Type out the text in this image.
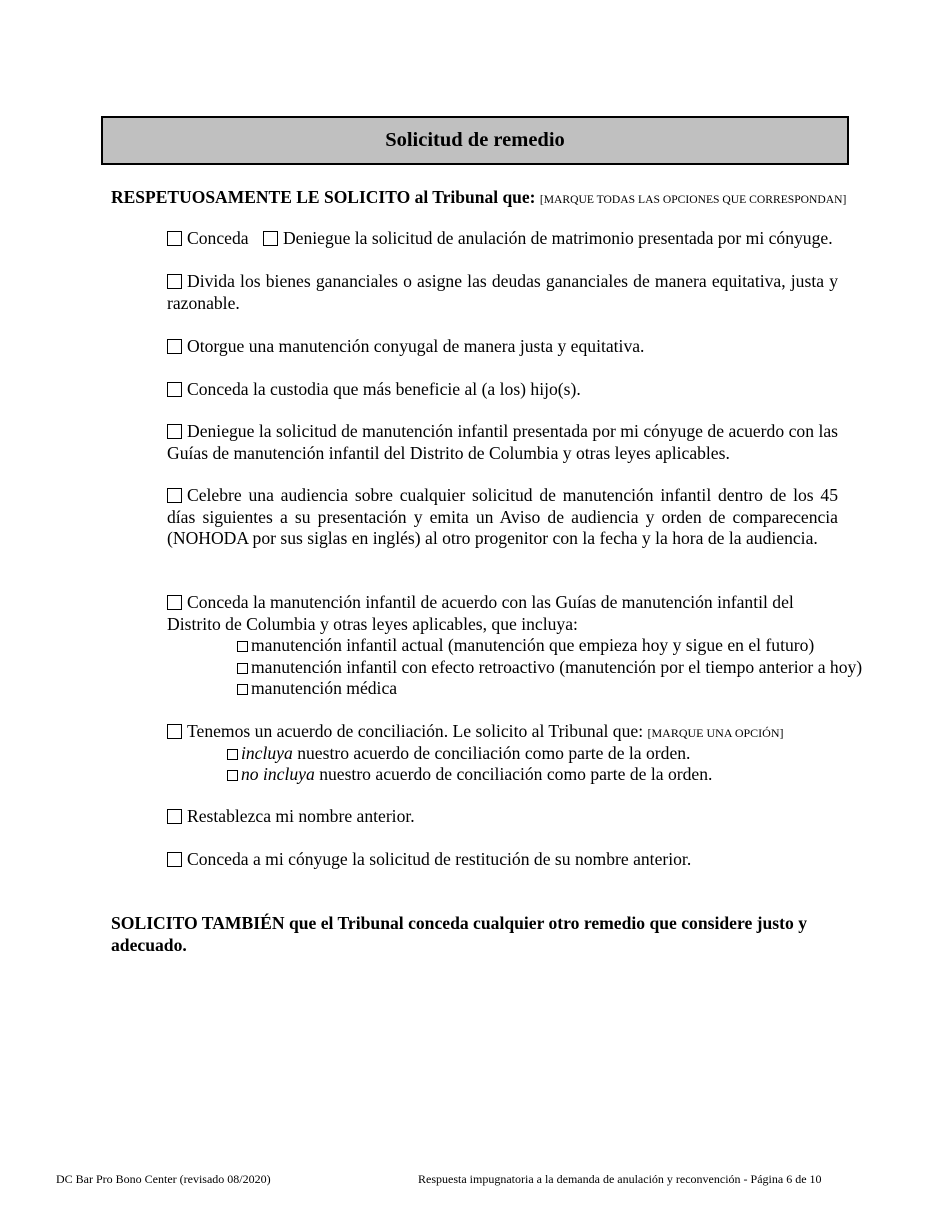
Solicitud de remedio
RESPETUOSAMENTE LE SOLICITO al Tribunal que: [MARQUE TODAS LAS OPCIONES QUE CORRESPONDAN]
Conceda Deniegue la solicitud de anulación de matrimonio presentada por mi cónyuge.
Divida los bienes gananciales o asigne las deudas gananciales de manera equitativa, justa y razonable.
Otorgue una manutención conyugal de manera justa y equitativa.
Conceda la custodia que más beneficie al (a los) hijo(s).
Deniegue la solicitud de manutención infantil presentada por mi cónyuge de acuerdo con las Guías de manutención infantil del Distrito de Columbia y otras leyes aplicables.
Celebre una audiencia sobre cualquier solicitud de manutención infantil dentro de los 45 días siguientes a su presentación y emita un Aviso de audiencia y orden de comparecencia (NOHODA por sus siglas en inglés) al otro progenitor con la fecha y la hora de la audiencia.
Conceda la manutención infantil de acuerdo con las Guías de manutención infantil del Distrito de Columbia y otras leyes aplicables, que incluya:
manutención infantil actual (manutención que empieza hoy y sigue en el futuro)
manutención infantil con efecto retroactivo (manutención por el tiempo anterior a hoy)
manutención médica
Tenemos un acuerdo de conciliación. Le solicito al Tribunal que: [MARQUE UNA OPCIÓN]
incluya nuestro acuerdo de conciliación como parte de la orden.
no incluya nuestro acuerdo de conciliación como parte de la orden.
Restablezca mi nombre anterior.
Conceda a mi cónyuge la solicitud de restitución de su nombre anterior.
SOLICITO TAMBIÉN que el Tribunal conceda cualquier otro remedio que considere justo y adecuado.
DC Bar Pro Bono Center (revisado 08/2020)	Respuesta impugnatoria a la demanda de anulación y reconvención - Página 6 de 10
